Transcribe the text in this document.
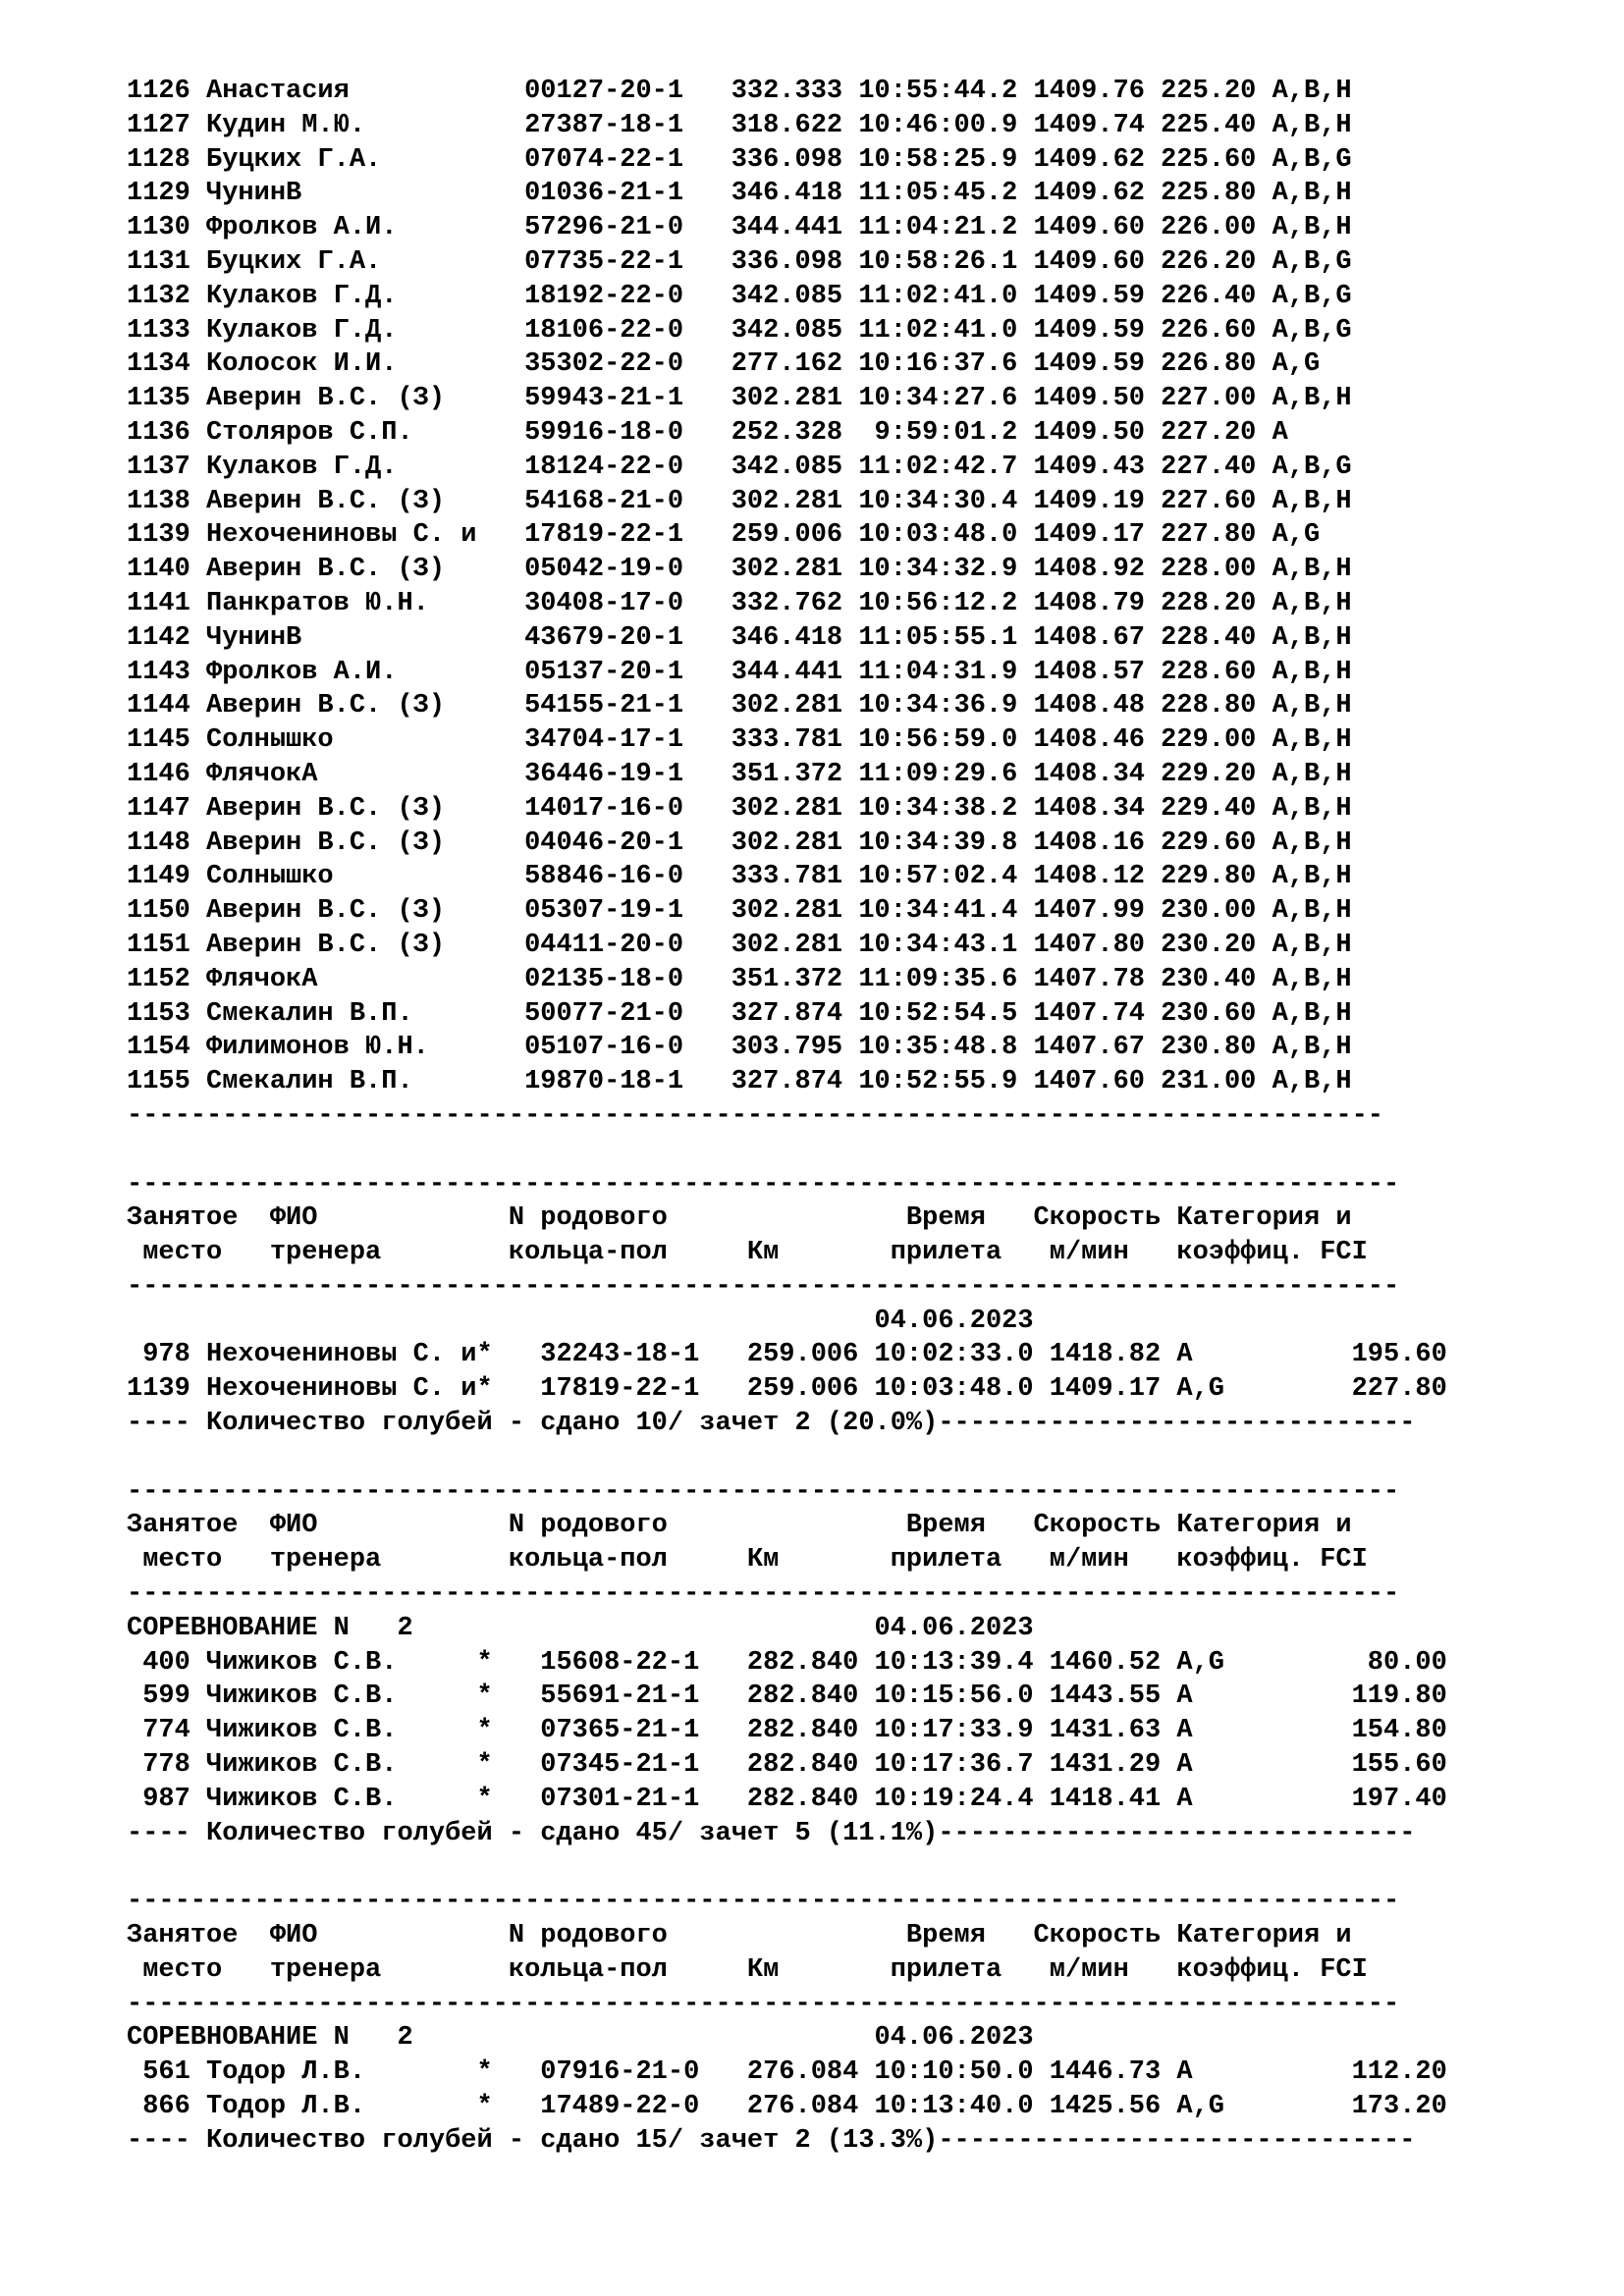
1126 Анастасия           00127-20-1   332.333 10:55:44.2 1409.76 225.20 A,B,H
1127 Кудин М.Ю.          27387-18-1   318.622 10:46:00.9 1409.74 225.40 A,B,H
1128 Буцких Г.А.         07074-22-1   336.098 10:58:25.9 1409.62 225.60 A,B,G
1129 ЧунинВ              01036-21-1   346.418 11:05:45.2 1409.62 225.80 A,B,H
1130 Фролков А.И.        57296-21-0   344.441 11:04:21.2 1409.60 226.00 A,B,H
1131 Буцких Г.А.         07735-22-1   336.098 10:58:26.1 1409.60 226.20 A,B,G
1132 Кулаков Г.Д.        18192-22-0   342.085 11:02:41.0 1409.59 226.40 A,B,G
1133 Кулаков Г.Д.        18106-22-0   342.085 11:02:41.0 1409.59 226.60 A,B,G
1134 Колосок И.И.        35302-22-0   277.162 10:16:37.6 1409.59 226.80 A,G
1135 Аверин В.С. (З)     59943-21-1   302.281 10:34:27.6 1409.50 227.00 A,B,H
1136 Столяров С.П.       59916-18-0   252.328  9:59:01.2 1409.50 227.20 A
1137 Кулаков Г.Д.        18124-22-0   342.085 11:02:42.7 1409.43 227.40 A,B,G
1138 Аверин В.С. (З)     54168-21-0   302.281 10:34:30.4 1409.19 227.60 A,B,H
1139 Нехочениновы С. и   17819-22-1   259.006 10:03:48.0 1409.17 227.80 A,G
1140 Аверин В.С. (З)     05042-19-0   302.281 10:34:32.9 1408.92 228.00 A,B,H
1141 Панкратов Ю.Н.      30408-17-0   332.762 10:56:12.2 1408.79 228.20 A,B,H
1142 ЧунинВ              43679-20-1   346.418 11:05:55.1 1408.67 228.40 A,B,H
1143 Фролков А.И.        05137-20-1   344.441 11:04:31.9 1408.57 228.60 A,B,H
1144 Аверин В.С. (З)     54155-21-1   302.281 10:34:36.9 1408.48 228.80 A,B,H
1145 Солнышко            34704-17-1   333.781 10:56:59.0 1408.46 229.00 A,B,H
1146 ФлячокА             36446-19-1   351.372 11:09:29.6 1408.34 229.20 A,B,H
1147 Аверин В.С. (З)     14017-16-0   302.281 10:34:38.2 1408.34 229.40 A,B,H
1148 Аверин В.С. (З)     04046-20-1   302.281 10:34:39.8 1408.16 229.60 A,B,H
1149 Солнышко            58846-16-0   333.781 10:57:02.4 1408.12 229.80 A,B,H
1150 Аверин В.С. (З)     05307-19-1   302.281 10:34:41.4 1407.99 230.00 A,B,H
1151 Аверин В.С. (З)     04411-20-0   302.281 10:34:43.1 1407.80 230.20 A,B,H
1152 ФлячокА             02135-18-0   351.372 11:09:35.6 1407.78 230.40 A,B,H
1153 Смекалин В.П.       50077-21-0   327.874 10:52:54.5 1407.74 230.60 A,B,H
1154 Филимонов Ю.Н.      05107-16-0   303.795 10:35:48.8 1407.67 230.80 A,B,H
1155 Смекалин В.П.       19870-18-1   327.874 10:52:55.9 1407.60 231.00 A,B,H
-------------------------------------------------------------------------------
--------------------------------------------------------------------------------
Занятое  ФИО            N родового               Время   Скорость Категория и
место   тренера        кольца-пол     Км       прилета   м/мин   коэффиц. FCI
--------------------------------------------------------------------------------
04.06.2023
978 Нехочениновы С. и*   32243-18-1   259.006 10:02:33.0 1418.82 A          195.60
1139 Нехочениновы С. и*   17819-22-1   259.006 10:03:48.0 1409.17 A,G        227.80
---- Количество голубей - сдано 10/ зачет 2 (20.0%)------------------------------
--------------------------------------------------------------------------------
Занятое  ФИО            N родового               Время   Скорость Категория и
место   тренера        кольца-пол     Км       прилета   м/мин   коэффиц. FCI
--------------------------------------------------------------------------------
СОРЕВНОВАНИЕ N   2                             04.06.2023
400 Чижиков С.В.     *   15608-22-1   282.840 10:13:39.4 1460.52 A,G         80.00
599 Чижиков С.В.     *   55691-21-1   282.840 10:15:56.0 1443.55 A          119.80
774 Чижиков С.В.     *   07365-21-1   282.840 10:17:33.9 1431.63 A          154.80
778 Чижиков С.В.     *   07345-21-1   282.840 10:17:36.7 1431.29 A          155.60
987 Чижиков С.В.     *   07301-21-1   282.840 10:19:24.4 1418.41 A          197.40
---- Количество голубей - сдано 45/ зачет 5 (11.1%)------------------------------
--------------------------------------------------------------------------------
Занятое  ФИО            N родового               Время   Скорость Категория и
место   тренера        кольца-пол     Км       прилета   м/мин   коэффиц. FCI
--------------------------------------------------------------------------------
СОРЕВНОВАНИЕ N   2                             04.06.2023
561 Тодор Л.В.       *   07916-21-0   276.084 10:10:50.0 1446.73 A          112.20
866 Тодор Л.В.       *   17489-22-0   276.084 10:13:40.0 1425.56 A,G        173.20
---- Количество голубей - сдано 15/ зачет 2 (13.3%)------------------------------
